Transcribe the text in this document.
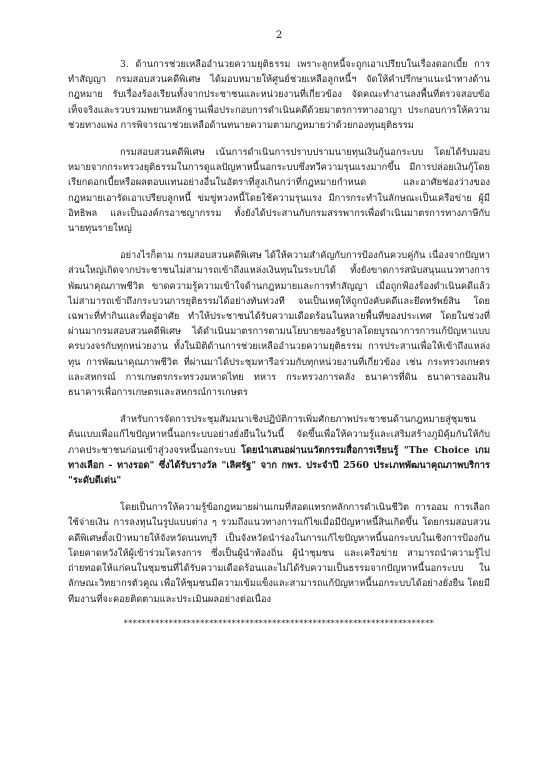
2

3. ด้านการช่วยเหลืออำนวยความยุติธรรม เพราะลูกหนี้จะถูกเอาเปรียบในเรื่องดอกเบี้ย การทำสัญญา กรมสอบสวนคดีพิเศษ ได้มอบหมายให้ศูนย์ช่วยเหลือลูกหนี้ฯ จัดให้คำปรึกษาแนะนำทางด้านกฎหมาย รับเรื่องร้องเรียนทั้งจากประชาชนและหน่วยงานที่เกี่ยวข้อง จัดคณะทำงานลงพื้นที่ตรวจสอบข้อเท็จจริงและรวบรวมพยานหลักฐานเพื่อประกอบการดำเนินคดีด้วยมาตรการทางอาญา ประกอบการให้ความช่วยทางแพ่ง การพิจารณาช่วยเหลือด้านทนายความตามกฎหมายว่าด้วยกองทุนยุติธรรม

กรมสอบสวนคดีพิเศษ เน้นการดำเนินการปราบปรามนายทุนเงินกู้นอกระบบ โดยได้รับมอบหมายจากกระทรวงยุติธรรมในการดูแลปัญหาหนี้นอกระบบซึ่งทวีความรุนแรงมากขึ้น มีการปล่อยเงินกู้โดยเรียกดอกเบี้ยหรือผลตอบแทนอย่างอื่นในอัตราที่สูงเกินกว่าที่กฎหมายกำหนด และอาศัยช่องว่างของกฎหมายเอารัดเอาเปรียบลูกหนี้ ข่มขู่ทวงหนี้โดยใช้ความรุนแรง มีการกระทำในลักษณะเป็นเครือข่าย ผู้มีอิทธิพล และเป็นองค์กรอาชญากรรม ทั้งยังได้ประสานกับกรมสรรพากรเพื่อดำเนินมาตรการทางภาษีกับนายทุนรายใหญ่

อย่างไรก็ตาม กรมสอบสวนคดีพิเศษ ได้ให้ความสำคัญกับการป้องกันควบคู่กัน เนื่องจากปัญหาส่วนใหญ่เกิดจากประชาชนไม่สามารถเข้าถึงแหล่งเงินทุนในระบบได้ ทั้งยังขาดการสนับสนุนแนวทางการพัฒนาคุณภาพชีวิต ขาดความรู้ความเข้าใจด้านกฎหมายและการทำสัญญา เมื่อถูกฟ้องร้องดำเนินคดีแล้วไม่สามารถเข้าถึงกระบวนการยุติธรรมได้อย่างทันท่วงที จนเป็นเหตุให้ถูกบังคับคดีและยึดทรัพย์สิน โดยเฉพาะที่ทำกินและที่อยู่อาศัย ทำให้ประชาชนได้รับความเดือดร้อนในหลายพื้นที่ของประเทศ โดยในช่วงที่ผ่านมากรมสอบสวนคดีพิเศษ ได้ดำเนินมาตรการตามนโยบายของรัฐบาลโดยบูรณาการการแก้ปัญหาแบบครบวงจรกับทุกหน่วยงาน ทั้งในมิติด้านการช่วยเหลืออำนวยความยุติธรรม การประสานเพื่อให้เข้าถึงแหล่งทุน การพัฒนาคุณภาพชีวิต ที่ผ่านมาได้ประชุมหารือร่วมกับทุกหน่วยงานที่เกี่ยวข้อง เช่น กระทรวงเกษตรและสหกรณ์ การเกษตรกระทรวงมหาดไทย ทหาร กระทรวงการคลัง ธนาคารที่ดิน ธนาคารออมสิน ธนาคารเพื่อการเกษตรและสหกรณ์การเกษตร

สำหรับการจัดการประชุมสัมมนาเชิงปฏิบัติการเพิ่มศักยภาพประชาชนด้านกฎหมายสู่ชุมชนต้นแบบเพื่อแก้ไขปัญหาหนี้นอกระบบอย่างยั่งยืนในวันนี้ จัดขึ้นเพื่อให้ความรู้และเสริมสร้างภูมิคุ้มกันให้กับภาคประชาชนก่อนเข้าสู่วงจรหนี้นอกระบบ โดยนำเสนอผ่านนวัตกรรมสื่อการเรียนรู้ "The Choice เกมทางเลือก - ทางรอด" ซึ่งได้รับรางวัล "เลิศรัฐ" จาก กพร. ประจำปี 2560 ประเภทพัฒนาคุณภาพบริการ "ระดับดีเด่น"

โดยเป็นการให้ความรู้ข้อกฎหมายผ่านเกมที่สอดแทรกหลักการดำเนินชีวิต การออม การเลือกใช้จ่ายเงิน การลงทุนในรูปแบบต่าง ๆ รวมถึงแนวทางการแก้ไขเมื่อมีปัญหาหนี้สินเกิดขึ้น โดยกรมสอบสวนคดีพิเศษตั้งเป้าหมายให้จังหวัดนนทบุรี เป็นจังหวัดนำร่องในการแก้ไขปัญหาหนี้นอกระบบในเชิงการป้องกัน โดยคาดหวังให้ผู้เข้าร่วมโครงการ ซึ่งเป็นผู้นำท้องถิ่น ผู้นำชุมชน และเครือข่าย สามารถนำความรู้ไปถ่ายทอดให้แก่คนในชุมชนที่ได้รับความเดือดร้อนและไม่ได้รับความเป็นธรรมจากปัญหาหนี้นอกระบบ ในลักษณะวิทยากรตัวคูณ เพื่อให้ชุมชนมีความเข้มแข็งและสามารถแก้ปัญหาหนี้นอกระบบได้อย่างยั่งยืน โดยมีทีมงานที่จะคอยติดตามและประเมินผลอย่างต่อเนื่อง

*********************************************************************
